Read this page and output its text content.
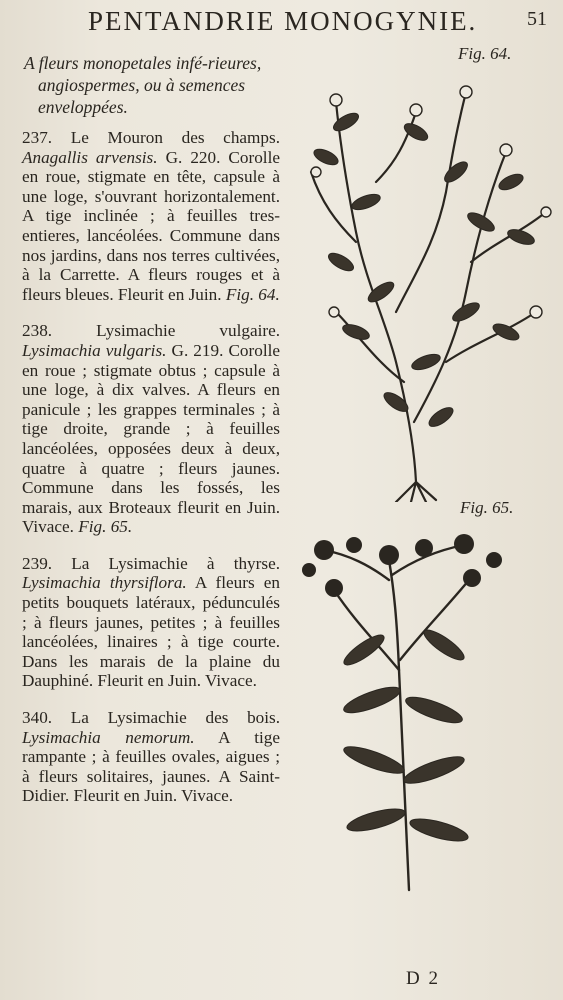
PENTANDRIE MONOGYNIE. 51
A fleurs monopetales infé-rieures, angiospermes, ou à semences enveloppées.
237. Le Mouron des champs. Anagallis arvensis. G. 220. Corolle en roue, stigmate en tête, capsule à une loge, s'ouvrant horizontalement. A tige inclinée ; à feuilles tres-entieres, lancéolées. Commune dans nos jardins, dans nos terres cultivées, à la Carrette. A fleurs rouges et à fleurs bleues. Fleurit en Juin. Fig. 64.
238.	Lysimachie vulgaire. Lysimachia vulgaris. G. 219. Corolle en roue ; stigmate obtus ; capsule à une loge, à dix valves. A fleurs en panicule ; les grappes terminales ; à tige droite, grande ; à feuilles lancéolées, opposées deux à deux, quatre à quatre ; fleurs jaunes. Commune dans les fossés, les marais, aux Broteaux fleurit en Juin. Vivace. Fig. 65.
239. La Lysimachie à thyrse. Lysimachia thyrsiflora. A fleurs en petits bouquets latéraux, pédunculés ; à fleurs jaunes, petites ; à feuilles lancéolées, linaires ; à tige courte. Dans les marais de la plaine du Dauphiné. Fleurit en Juin. Vivace.
340. La Lysimachie des bois. Lysimachia nemorum. A tige rampante ; à feuilles ovales, aigues ; à fleurs solitaires, jaunes. A Saint-Didier. Fleurit en Juin. Vivace.
Fig. 64.
Fig. 65.
D 2
